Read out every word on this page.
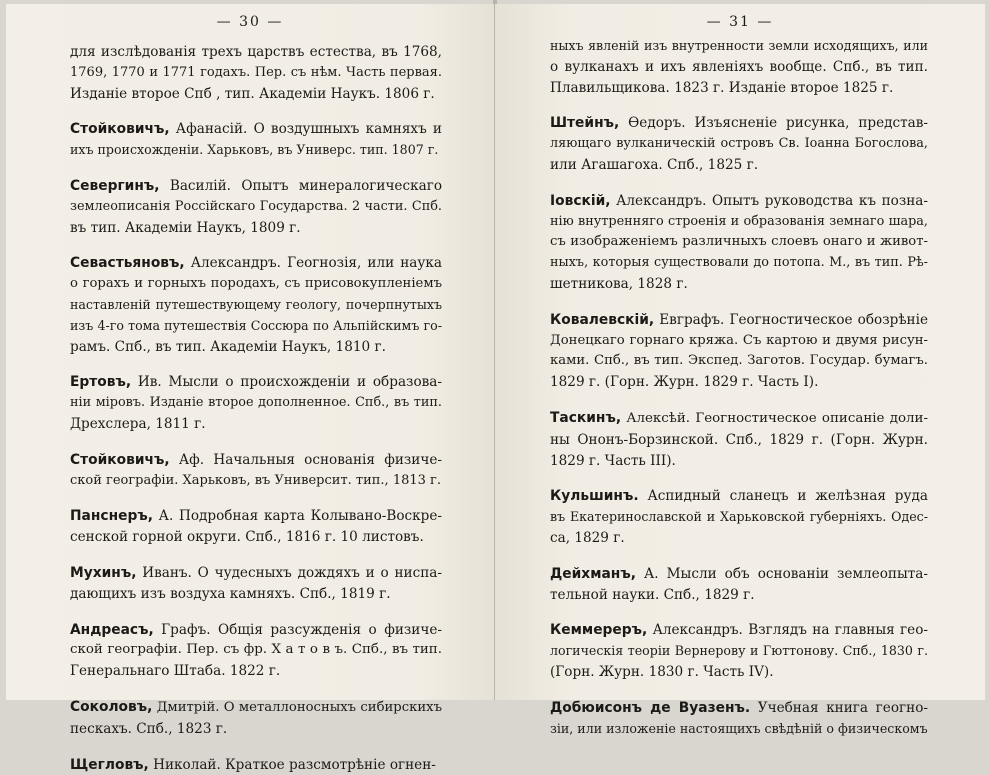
— 30 —
для изслѣдованія трехъ царствъ естества, въ 1768,
1769, 1770 и 1771 годахъ. Пер. съ нѣм. Часть первая.
Изданіе второе Спб , тип. Академіи Наукъ. 1806 г.
Стойковичъ, Афанасій. О воздушныхъ камняхъ и
ихъ происхожденіи. Харьковъ, въ Универс. тип. 1807 г.
Севергинъ, Василій. Опытъ минералогическаго
землеописанія Россійскаго Государства. 2 части. Спб.
въ тип. Академіи Наукъ, 1809 г.
Севастьяновъ, Александръ. Геогнозія, или наука
о горахъ и горныхъ породахъ, съ присовокупленіемъ
наставленій путешествующему геологу, почерпнутыхъ
изъ 4-го тома путешествія Соссюра по Альпійскимъ го-
рамъ. Спб., въ тип. Академіи Наукъ, 1810 г.
Ертовъ, Ив. Мысли о происхожденіи и образова-
ніи міровъ. Изданіе второе дополненное. Спб., въ тип.
Дрехслера, 1811 г.
Стойковичъ, Аф. Начальныя основанія физиче-
ской географіи. Харьковъ, въ Университ. тип., 1813 г.
Панснеръ, А. Подробная карта Колывано-Воскре-
сенской горной округи. Спб., 1816 г. 10 листовъ.
Мухинъ, Иванъ. О чудесныхъ дождяхъ и о ниспа-
дающихъ изъ воздуха камняхъ. Спб., 1819 г.
Андреасъ, Графъ. Общія разсужденія о физиче-
ской географіи. Пер. съ фр. Х а т о в ъ. Спб., въ тип.
Генеральнаго Штаба. 1822 г.
Соколовъ, Дмитрій. О металлоносныхъ сибирскихъ
пескахъ. Спб., 1823 г.
Щегловъ, Николай. Краткое разсмотрѣніе огнен-
— 31 —
ныхъ явленій изъ внутренности земли исходящихъ, или
о вулканахъ и ихъ явленіяхъ вообще. Спб., въ тип.
Плавильщикова. 1823 г. Изданіе второе 1825 г.
Штейнъ, Өедоръ. Изъясненіе рисунка, представ-
ляющаго вулканическій островъ Св. Іоанна Богослова,
или Агашагоха. Спб., 1825 г.
Іовскій, Александръ. Опытъ руководства къ позна-
нію внутренняго строенія и образованія земнаго шара,
съ изображеніемъ различныхъ слоевъ онаго и живот-
ныхъ, которыя существовали до потопа. М., въ тип. Рѣ-
шетникова, 1828 г.
Ковалевскій, Евграфъ. Геогностическое обозрѣніе
Донецкаго горнаго кряжа. Съ картою и двумя рисун-
ками. Спб., въ тип. Экспед. Заготов. Государ. бумагъ.
1829 г. (Горн. Журн. 1829 г. Часть I).
Таскинъ, Алексѣй. Геогностическое описаніе доли-
ны Ононъ-Борзинской. Спб., 1829 г. (Горн. Журн.
1829 г. Часть III).
Кульшинъ. Аспидный сланецъ и желѣзная руда
въ Екатеринославской и Харьковской губерніяхъ. Одес-
са, 1829 г.
Дейхманъ, А. Мысли объ основаніи землеопыта-
тельной науки. Спб., 1829 г.
Кеммереръ, Александръ. Взглядъ на главныя гео-
логическія теоріи Вернерову и Гюттонову. Спб., 1830 г.
(Горн. Журн. 1830 г. Часть IV).
Добюисонъ де Вуазенъ. Учебная книга геогно-
зіи, или изложеніе настоящихъ свѣдѣній о физическомъ
